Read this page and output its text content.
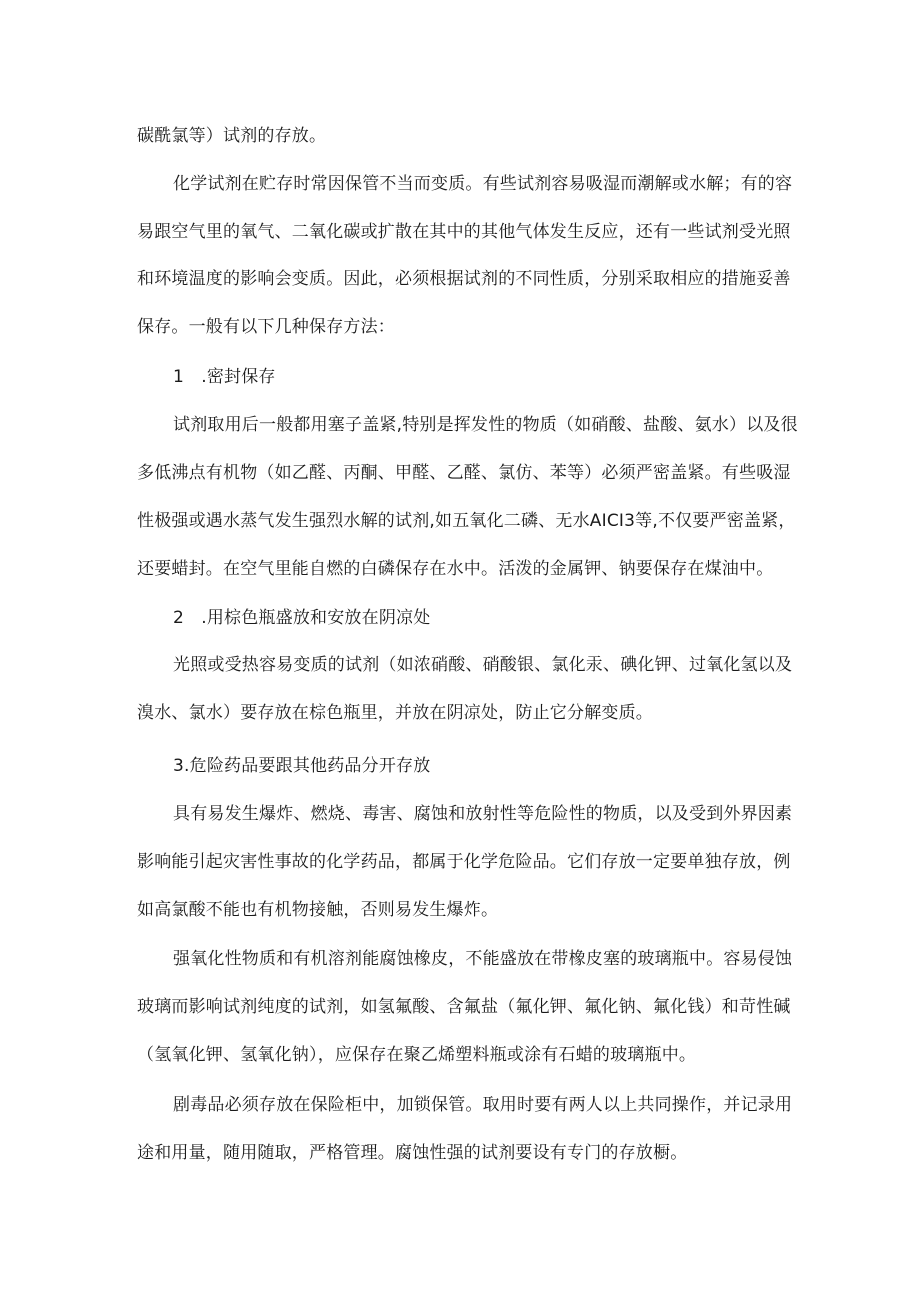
碳酰氯等）试剂的存放。
化学试剂在贮存时常因保管不当而变质。有些试剂容易吸湿而潮解或水解；有的容
易跟空气里的氧气、二氧化碳或扩散在其中的其他气体发生反应，还有一些试剂受光照
和环境温度的影响会变质。因此，必须根据试剂的不同性质，分别采取相应的措施妥善
保存。一般有以下几种保存方法：
1　.密封保存
试剂取用后一般都用塞子盖紧,特别是挥发性的物质（如硝酸、盐酸、氨水）以及很
多低沸点有机物（如乙醛、丙酮、甲醛、乙醛、氯仿、苯等）必须严密盖紧。有些吸湿
性极强或遇水蒸气发生强烈水解的试剂,如五氧化二磷、无水AICI3等,不仅要严密盖紧，
还要蜡封。在空气里能自燃的白磷保存在水中。活泼的金属钾、钠要保存在煤油中。
2　.用棕色瓶盛放和安放在阴凉处
光照或受热容易变质的试剂（如浓硝酸、硝酸银、氯化汞、碘化钾、过氧化氢以及
溴水、氯水）要存放在棕色瓶里，并放在阴凉处，防止它分解变质。
3.危险药品要跟其他药品分开存放
具有易发生爆炸、燃烧、毒害、腐蚀和放射性等危险性的物质，以及受到外界因素
影响能引起灾害性事故的化学药品，都属于化学危险品。它们存放一定要单独存放，例
如高氯酸不能也有机物接触，否则易发生爆炸。
强氧化性物质和有机溶剂能腐蚀橡皮，不能盛放在带橡皮塞的玻璃瓶中。容易侵蚀
玻璃而影响试剂纯度的试剂，如氢氟酸、含氟盐（氟化钾、氟化钠、氟化钱）和苛性碱
（氢氧化钾、氢氧化钠），应保存在聚乙烯塑料瓶或涂有石蜡的玻璃瓶中。
剧毒品必须存放在保险柜中，加锁保管。取用时要有两人以上共同操作，并记录用
途和用量，随用随取，严格管理。腐蚀性强的试剂要设有专门的存放橱。
